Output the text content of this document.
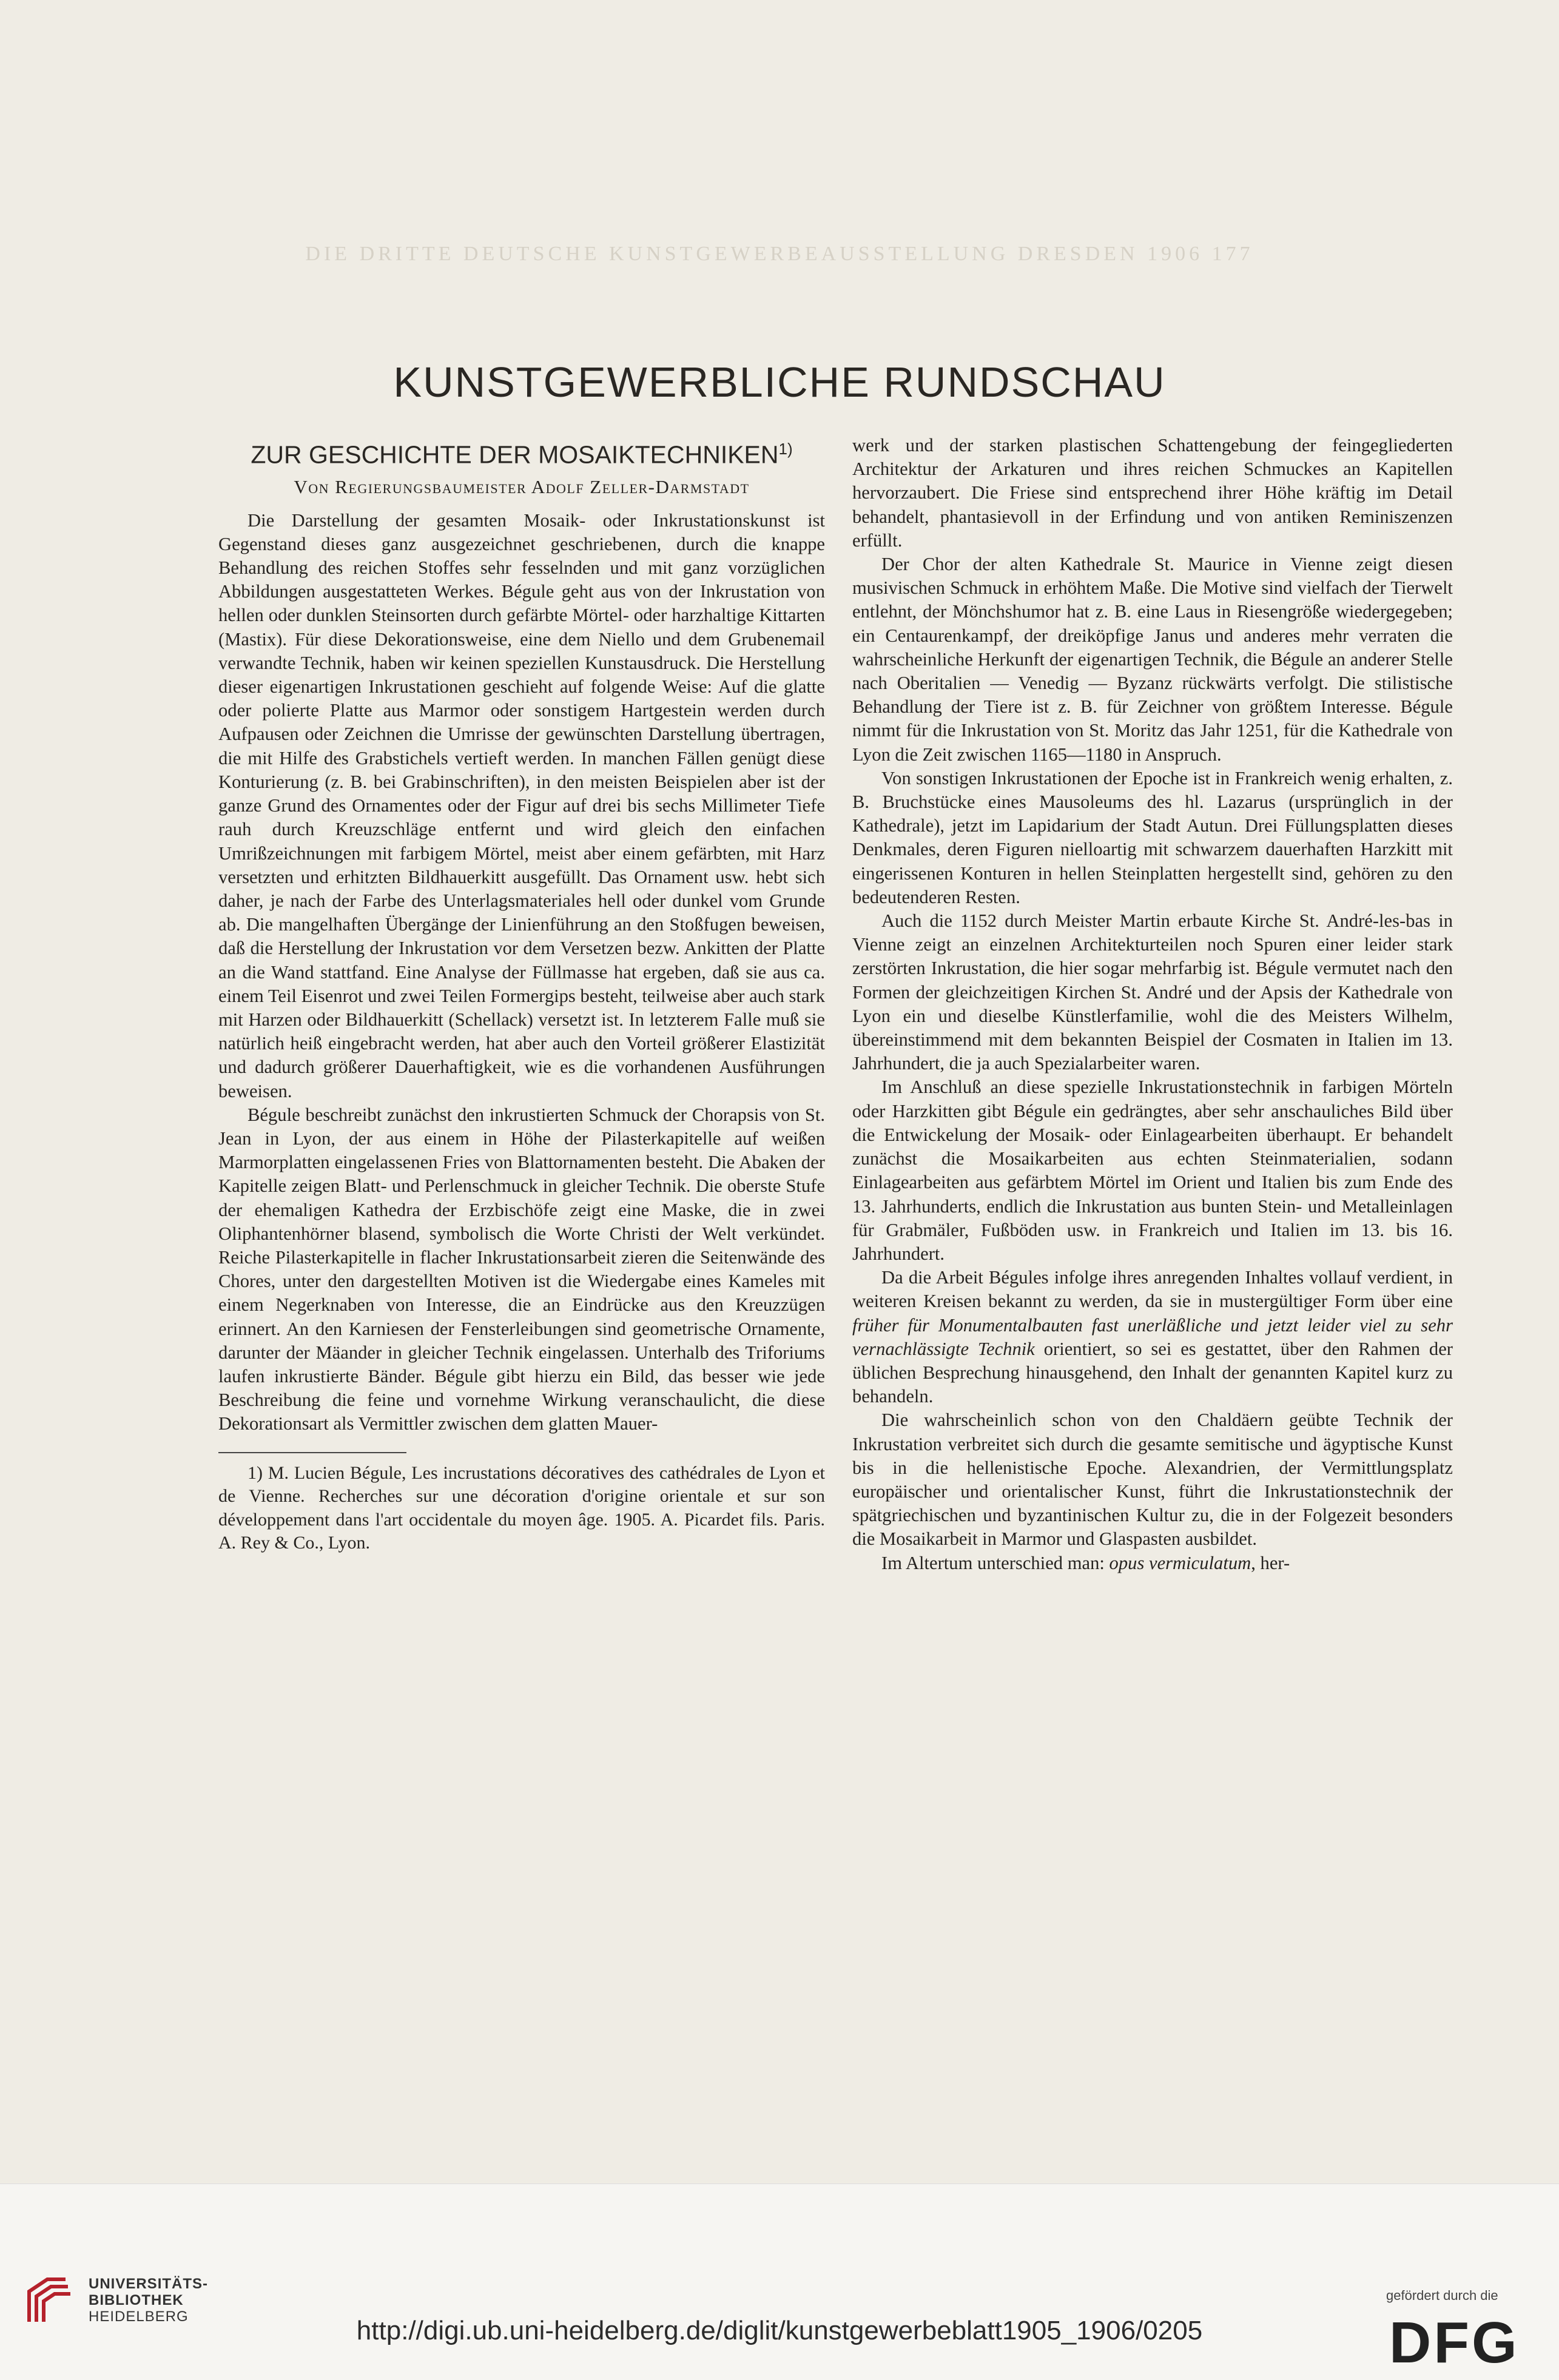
DIE DRITTE DEUTSCHE KUNSTGEWERBEAUSSTELLUNG DRESDEN 1906 177
KUNSTGEWERBLICHE RUNDSCHAU
ZUR GESCHICHTE DER MOSAIKTECHNIKEN$^{1)}$
Von Regierungsbaumeister Adolf Zeller-Darmstadt

Die Darstellung der gesamten Mosaik- oder Inkrustationskunst ist Gegenstand dieses ganz ausgezeichnet geschriebenen, durch die knappe Behandlung des reichen Stoffes sehr fesselnden und mit ganz vorzüglichen Abbildungen ausgestatteten Werkes. Bégule geht aus von der Inkrustation von hellen oder dunklen Steinsorten durch gefärbte Mörtel- oder harzhaltige Kittarten (Mastix). Für diese Dekorationsweise, eine dem Niello und dem Grubenemail verwandte Technik, haben wir keinen speziellen Kunstausdruck. Die Herstellung dieser eigenartigen Inkrustationen geschieht auf folgende Weise: Auf die glatte oder polierte Platte aus Marmor oder sonstigem Hartgestein werden durch Aufpausen oder Zeichnen die Umrisse der gewünschten Darstellung übertragen, die mit Hilfe des Grabstichels vertieft werden. In manchen Fällen genügt diese Konturierung (z. B. bei Grabinschriften), in den meisten Beispielen aber ist der ganze Grund des Ornamentes oder der Figur auf drei bis sechs Millimeter Tiefe rauh durch Kreuzschläge entfernt und wird gleich den einfachen Umrißzeichnungen mit farbigem Mörtel, meist aber einem gefärbten, mit Harz versetzten und erhitzten Bildhauerkitt ausgefüllt. Das Ornament usw. hebt sich daher, je nach der Farbe des Unterlagsmateriales hell oder dunkel vom Grunde ab. Die mangelhaften Übergänge der Linienführung an den Stoßfugen beweisen, daß die Herstellung der Inkrustation vor dem Versetzen bezw. Ankitten der Platte an die Wand stattfand. Eine Analyse der Füllmasse hat ergeben, daß sie aus ca. einem Teil Eisenrot und zwei Teilen Formergips besteht, teilweise aber auch stark mit Harzen oder Bildhauerkitt (Schellack) versetzt ist. In letzterem Falle muß sie natürlich heiß eingebracht werden, hat aber auch den Vorteil größerer Elastizität und dadurch größerer Dauerhaftigkeit, wie es die vorhandenen Ausführungen beweisen.

Bégule beschreibt zunächst den inkrustierten Schmuck der Chorapsis von St. Jean in Lyon, der aus einem in Höhe der Pilasterkapitelle auf weißen Marmorplatten eingelassenen Fries von Blattornamenten besteht. Die Abaken der Kapitelle zeigen Blatt- und Perlenschmuck in gleicher Technik. Die oberste Stufe der ehemaligen Kathedra der Erzbischöfe zeigt eine Maske, die in zwei Oliphantenhörner blasend, symbolisch die Worte Christi der Welt verkündet. Reiche Pilasterkapitelle in flacher Inkrustationsarbeit zieren die Seitenwände des Chores, unter den dargestellten Motiven ist die Wiedergabe eines Kameles mit einem Negerknaben von Interesse, die an Eindrücke aus den Kreuzzügen erinnert. An den Karniesen der Fensterleibungen sind geometrische Ornamente, darunter der Mäander in gleicher Technik eingelassen. Unterhalb des Triforiums laufen inkrustierte Bänder. Bégule gibt hierzu ein Bild, das besser wie jede Beschreibung die feine und vornehme Wirkung veranschaulicht, die diese Dekorationsart als Vermittler zwischen dem glatten Mauer-

1) M. Lucien Bégule, Les incrustations décoratives des cathédrales de Lyon et de Vienne. Recherches sur une décoration d'origine orientale et sur son développement dans l'art occidentale du moyen âge. 1905. A. Picardet fils. Paris. A. Rey & Co., Lyon.

werk und der starken plastischen Schattengebung der feingegliederten Architektur der Arkaturen und ihres reichen Schmuckes an Kapitellen hervorzaubert. Die Friese sind entsprechend ihrer Höhe kräftig im Detail behandelt, phantasievoll in der Erfindung und von antiken Reminiszenzen erfüllt.

Der Chor der alten Kathedrale St. Maurice in Vienne zeigt diesen musivischen Schmuck in erhöhtem Maße. Die Motive sind vielfach der Tierwelt entlehnt, der Mönchshumor hat z. B. eine Laus in Riesengröße wiedergegeben; ein Centaurenkampf, der dreiköpfige Janus und anderes mehr verraten die wahrscheinliche Herkunft der eigenartigen Technik, die Bégule an anderer Stelle nach Oberitalien — Venedig — Byzanz rückwärts verfolgt. Die stilistische Behandlung der Tiere ist z. B. für Zeichner von größtem Interesse. Bégule nimmt für die Inkrustation von St. Moritz das Jahr 1251, für die Kathedrale von Lyon die Zeit zwischen 1165—1180 in Anspruch.

Von sonstigen Inkrustationen der Epoche ist in Frankreich wenig erhalten, z. B. Bruchstücke eines Mausoleums des hl. Lazarus (ursprünglich in der Kathedrale), jetzt im Lapidarium der Stadt Autun. Drei Füllungsplatten dieses Denkmales, deren Figuren nielloartig mit schwarzem dauerhaften Harzkitt mit eingerissenen Konturen in hellen Steinplatten hergestellt sind, gehören zu den bedeutenderen Resten.

Auch die 1152 durch Meister Martin erbaute Kirche St. André-les-bas in Vienne zeigt an einzelnen Architekturteilen noch Spuren einer leider stark zerstörten Inkrustation, die hier sogar mehrfarbig ist. Bégule vermutet nach den Formen der gleichzeitigen Kirchen St. André und der Apsis der Kathedrale von Lyon ein und dieselbe Künstlerfamilie, wohl die des Meisters Wilhelm, übereinstimmend mit dem bekannten Beispiel der Cosmaten in Italien im 13. Jahrhundert, die ja auch Spezialarbeiter waren.

Im Anschluß an diese spezielle Inkrustationstechnik in farbigen Mörteln oder Harzkitten gibt Bégule ein gedrängtes, aber sehr anschauliches Bild über die Entwickelung der Mosaik- oder Einlagearbeiten überhaupt. Er behandelt zunächst die Mosaikarbeiten aus echten Steinmaterialien, sodann Einlagearbeiten aus gefärbtem Mörtel im Orient und Italien bis zum Ende des 13. Jahrhunderts, endlich die Inkrustation aus bunten Stein- und Metalleinlagen für Grabmäler, Fußböden usw. in Frankreich und Italien im 13. bis 16. Jahrhundert.

Da die Arbeit Bégules infolge ihres anregenden Inhaltes vollauf verdient, in weiteren Kreisen bekannt zu werden, da sie in mustergültiger Form über eine früher für Monumentalbauten fast unerläßliche und jetzt leider viel zu sehr vernachlässigte Technik orientiert, so sei es gestattet, über den Rahmen der üblichen Besprechung hinausgehend, den Inhalt der genannten Kapitel kurz zu behandeln.

Die wahrscheinlich schon von den Chaldäern geübte Technik der Inkrustation verbreitet sich durch die gesamte semitische und ägyptische Kunst bis in die hellenistische Epoche. Alexandrien, der Vermittlungsplatz europäischer und orientalischer Kunst, führt die Inkrustationstechnik der spätgriechischen und byzantinischen Kultur zu, die in der Folgezeit besonders die Mosaikarbeit in Marmor und Glaspasten ausbildet.

Im Altertum unterschied man: opus vermiculatum, her-

UNIVERSITÄTS-
BIBLIOTHEK
HEIDELBERG	http://digi.ub.uni-heidelberg.de/diglit/kunstgewerbeblatt1905_1906/0205
gefördert durch die
DFG
